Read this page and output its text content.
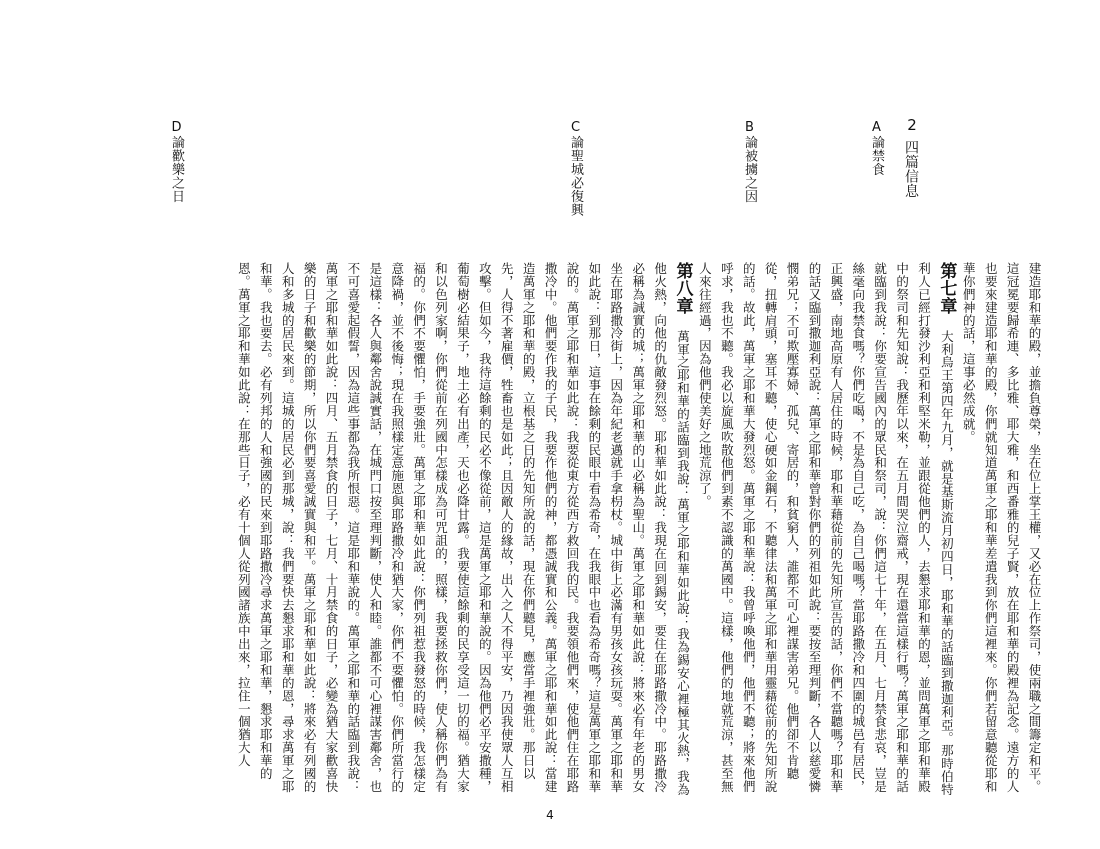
2
四篇信息
A論禁食
B論被擄之因
C論聖城必復興
D論歡樂之日

建造耶和華的殿，並擔負尊榮，坐在位上掌王權，又必在位上作祭司，使兩職之間籌定和平。這冠冕要歸希連、多比雅、耶大雅，和西番雅的兒子賢，放在耶和華的殿裡為記念。遠方的人也要來建造耶和華的殿，你們就知道萬軍之耶和華差遣我到你們這裡來。你們若留意聽從耶和華你們神的話，這事必然成就。

第七章 大利烏王第四年九月，就是基斯流月初四日，耶和華的話臨到撒迦利亞。那時伯特利人已經打發沙利亞和利堅米勒，並跟從他們的人，去懇求耶和華的恩，並問萬軍之耶和華殿中的祭司和先知說：我歷年以來，在五月間哭泣齋戒，現在還當這樣行嗎？萬軍之耶和華的話就臨到我說：你要宣告國內的眾民和祭司，說：你們這七十年，在五月、七月禁食悲哀，豈是絲毫向我禁食嗎？你們吃喝，不是為自己吃，為自己喝嗎？當耶路撒冷和四圍的城邑有居民，正興盛，南地高原有人居住的時候，耶和華藉從前的先知所宣告的話，你們不當聽嗎？耶和華的話又臨到撒迦利亞說：萬軍之耶和華曾對你們的列祖如此說：要按至理判斷，各人以慈愛憐憫弟兄；不可欺壓寡婦、孤兒、寄居的，和貧窮人，誰都不可心裡謀害弟兄。他們卻不肯聽從，扭轉肩頭，塞耳不聽，使心硬如金鋼石，不聽律法和萬軍之耶和華用靈藉從前的先知所說的話。故此，萬軍之耶和華大發烈怒。萬軍之耶和華說：我曾呼喚他們，他們不聽；將來他們呼求，我也不聽。我必以旋風吹散他們到素不認識的萬國中。這樣，他們的地就荒涼，甚至無人來往經過，因為他們使美好之地荒涼了。

第八章 萬軍之耶和華的話臨到我說：萬軍之耶和華如此說：我為錫安心裡極其火熱，我為他火熱，向他的仇敵發烈怒。耶和華如此說：我現在回到錫安，要住在耶路撒冷中。耶路撒冷必稱為誠實的城；萬軍之耶和華的山必稱為聖山。萬軍之耶和華如此說：將來必有年老的男女坐在耶路撒冷街上，因為年紀老邁就手拿枴杖。城中街上必滿有男孩女孩玩耍。萬軍之耶和華如此說：到那日，這事在餘剩的民眼中看為希奇，在我眼中也看為希奇嗎？這是萬軍之耶和華說的。萬軍之耶和華如此說：我要從東方從西方救回我的民。我要領他們來，使他們住在耶路撒冷中。他們要作我的子民，我要作他們的神，都憑誠實和公義。萬軍之耶和華如此說：當建造萬軍之耶和華的殿，立根基之日的先知所說的話，現在你們聽見，應當手裡強壯。那日以先，人得不著雇價，牲畜也是如此；且因敵人的緣故，出入之人不得平安，乃因我使眾人互相攻擊。但如今，我待這餘剩的民必不像從前，這是萬軍之耶和華說的。因為他們必平安撒種，葡萄樹必結果子，地土必有出產，天也必降甘露。我要使這餘剩的民享受這一切的福。猶大家和以色列家啊，你們從前在列國中怎樣成為可咒詛的，照樣，我要拯救你們，使人稱你們為有福的。你們不要懼怕，手要強壯。萬軍之耶和華如此說：你們列祖惹我發怒的時候，我怎樣定意降禍，並不後悔；現在我照樣定意施恩與耶路撒冷和猶大家，你們不要懼怕。你們所當行的是這樣：各人與鄰舍說誠實話，在城門口按至理判斷，使人和睦。誰都不可心裡謀害鄰舍，也不可喜愛起假誓，因為這些事都為我所恨惡。這是耶和華說的。萬軍之耶和華的話臨到我說：萬軍之耶和華如此說：四月、五月禁食的日子，七月、十月禁食的日子，必變為猶大家歡喜快樂的日子和歡樂的節期，所以你們要喜愛誠實與和平。萬軍之耶和華如此說：將來必有列國的人和多城的居民來到。這城的居民必到那城，說：我們要快去懇求耶和華的恩，尋求萬軍之耶和華。我也要去。必有列邦的人和強國的民來到耶路撒冷尋求萬軍之耶和華，懇求耶和華的恩。萬軍之耶和華如此說：在那些日子，必有十個人從列國諸族中出來，拉住一個猶大人

4
